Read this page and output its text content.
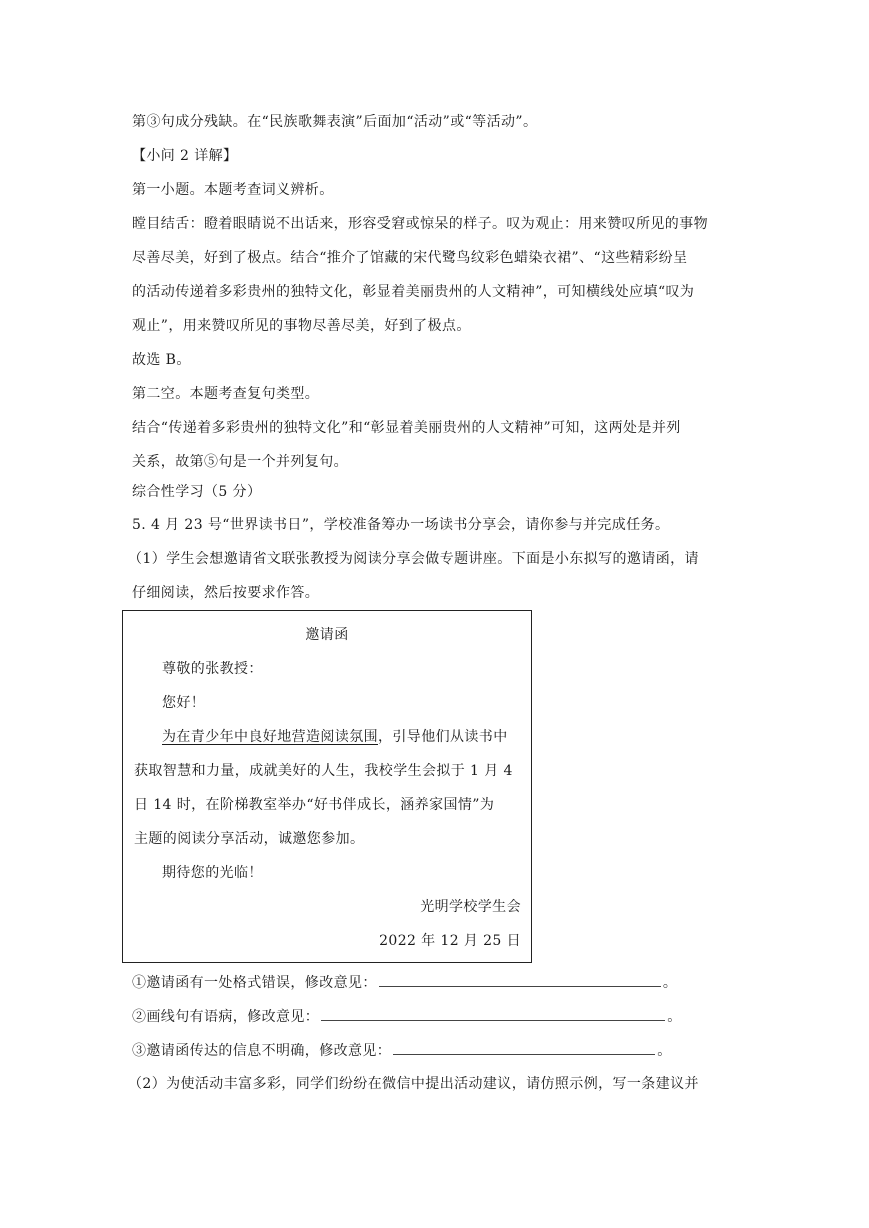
第③句成分残缺。在“民族歌舞表演”后面加“活动”或“等活动”。
【小问 2 详解】
第一小题。本题考查词义辨析。
瞠目结舌：瞪着眼睛说不出话来，形容受窘或惊呆的样子。叹为观止：用来赞叹所见的事物
尽善尽美，好到了极点。结合“推介了馆藏的宋代鹭鸟纹彩色蜡染衣裙”、“这些精彩纷呈
的活动传递着多彩贵州的独特文化，彰显着美丽贵州的人文精神”，可知横线处应填“叹为
观止”，用来赞叹所见的事物尽善尽美，好到了极点。
故选 B。
第二空。本题考查复句类型。
结合“传递着多彩贵州的独特文化”和“彰显着美丽贵州的人文精神”可知，这两处是并列
关系，故第⑤句是一个并列复句。
综合性学习（5 分）
5. 4 月 23 号“世界读书日”，学校准备筹办一场读书分享会，请你参与并完成任务。
（1）学生会想邀请省文联张教授为阅读分享会做专题讲座。下面是小东拟写的邀请函，请
仔细阅读，然后按要求作答。
邀请函
尊敬的张教授：
您好！
为在青少年中良好地营造阅读氛围，引导他们从读书中
获取智慧和力量，成就美好的人生，我校学生会拟于 1 月 4
日 14 时，在阶梯教室举办“好书伴成长，涵养家国情”为
主题的阅读分享活动，诚邀您参加。
期待您的光临！
光明学校学生会
2022 年 12 月 25 日
①邀请函有一处格式错误，修改意见：	。
②画线句有语病，修改意见：	。
③邀请函传达的信息不明确，修改意见：	。
（2）为使活动丰富多彩，同学们纷纷在微信中提出活动建议，请仿照示例，写一条建议并
